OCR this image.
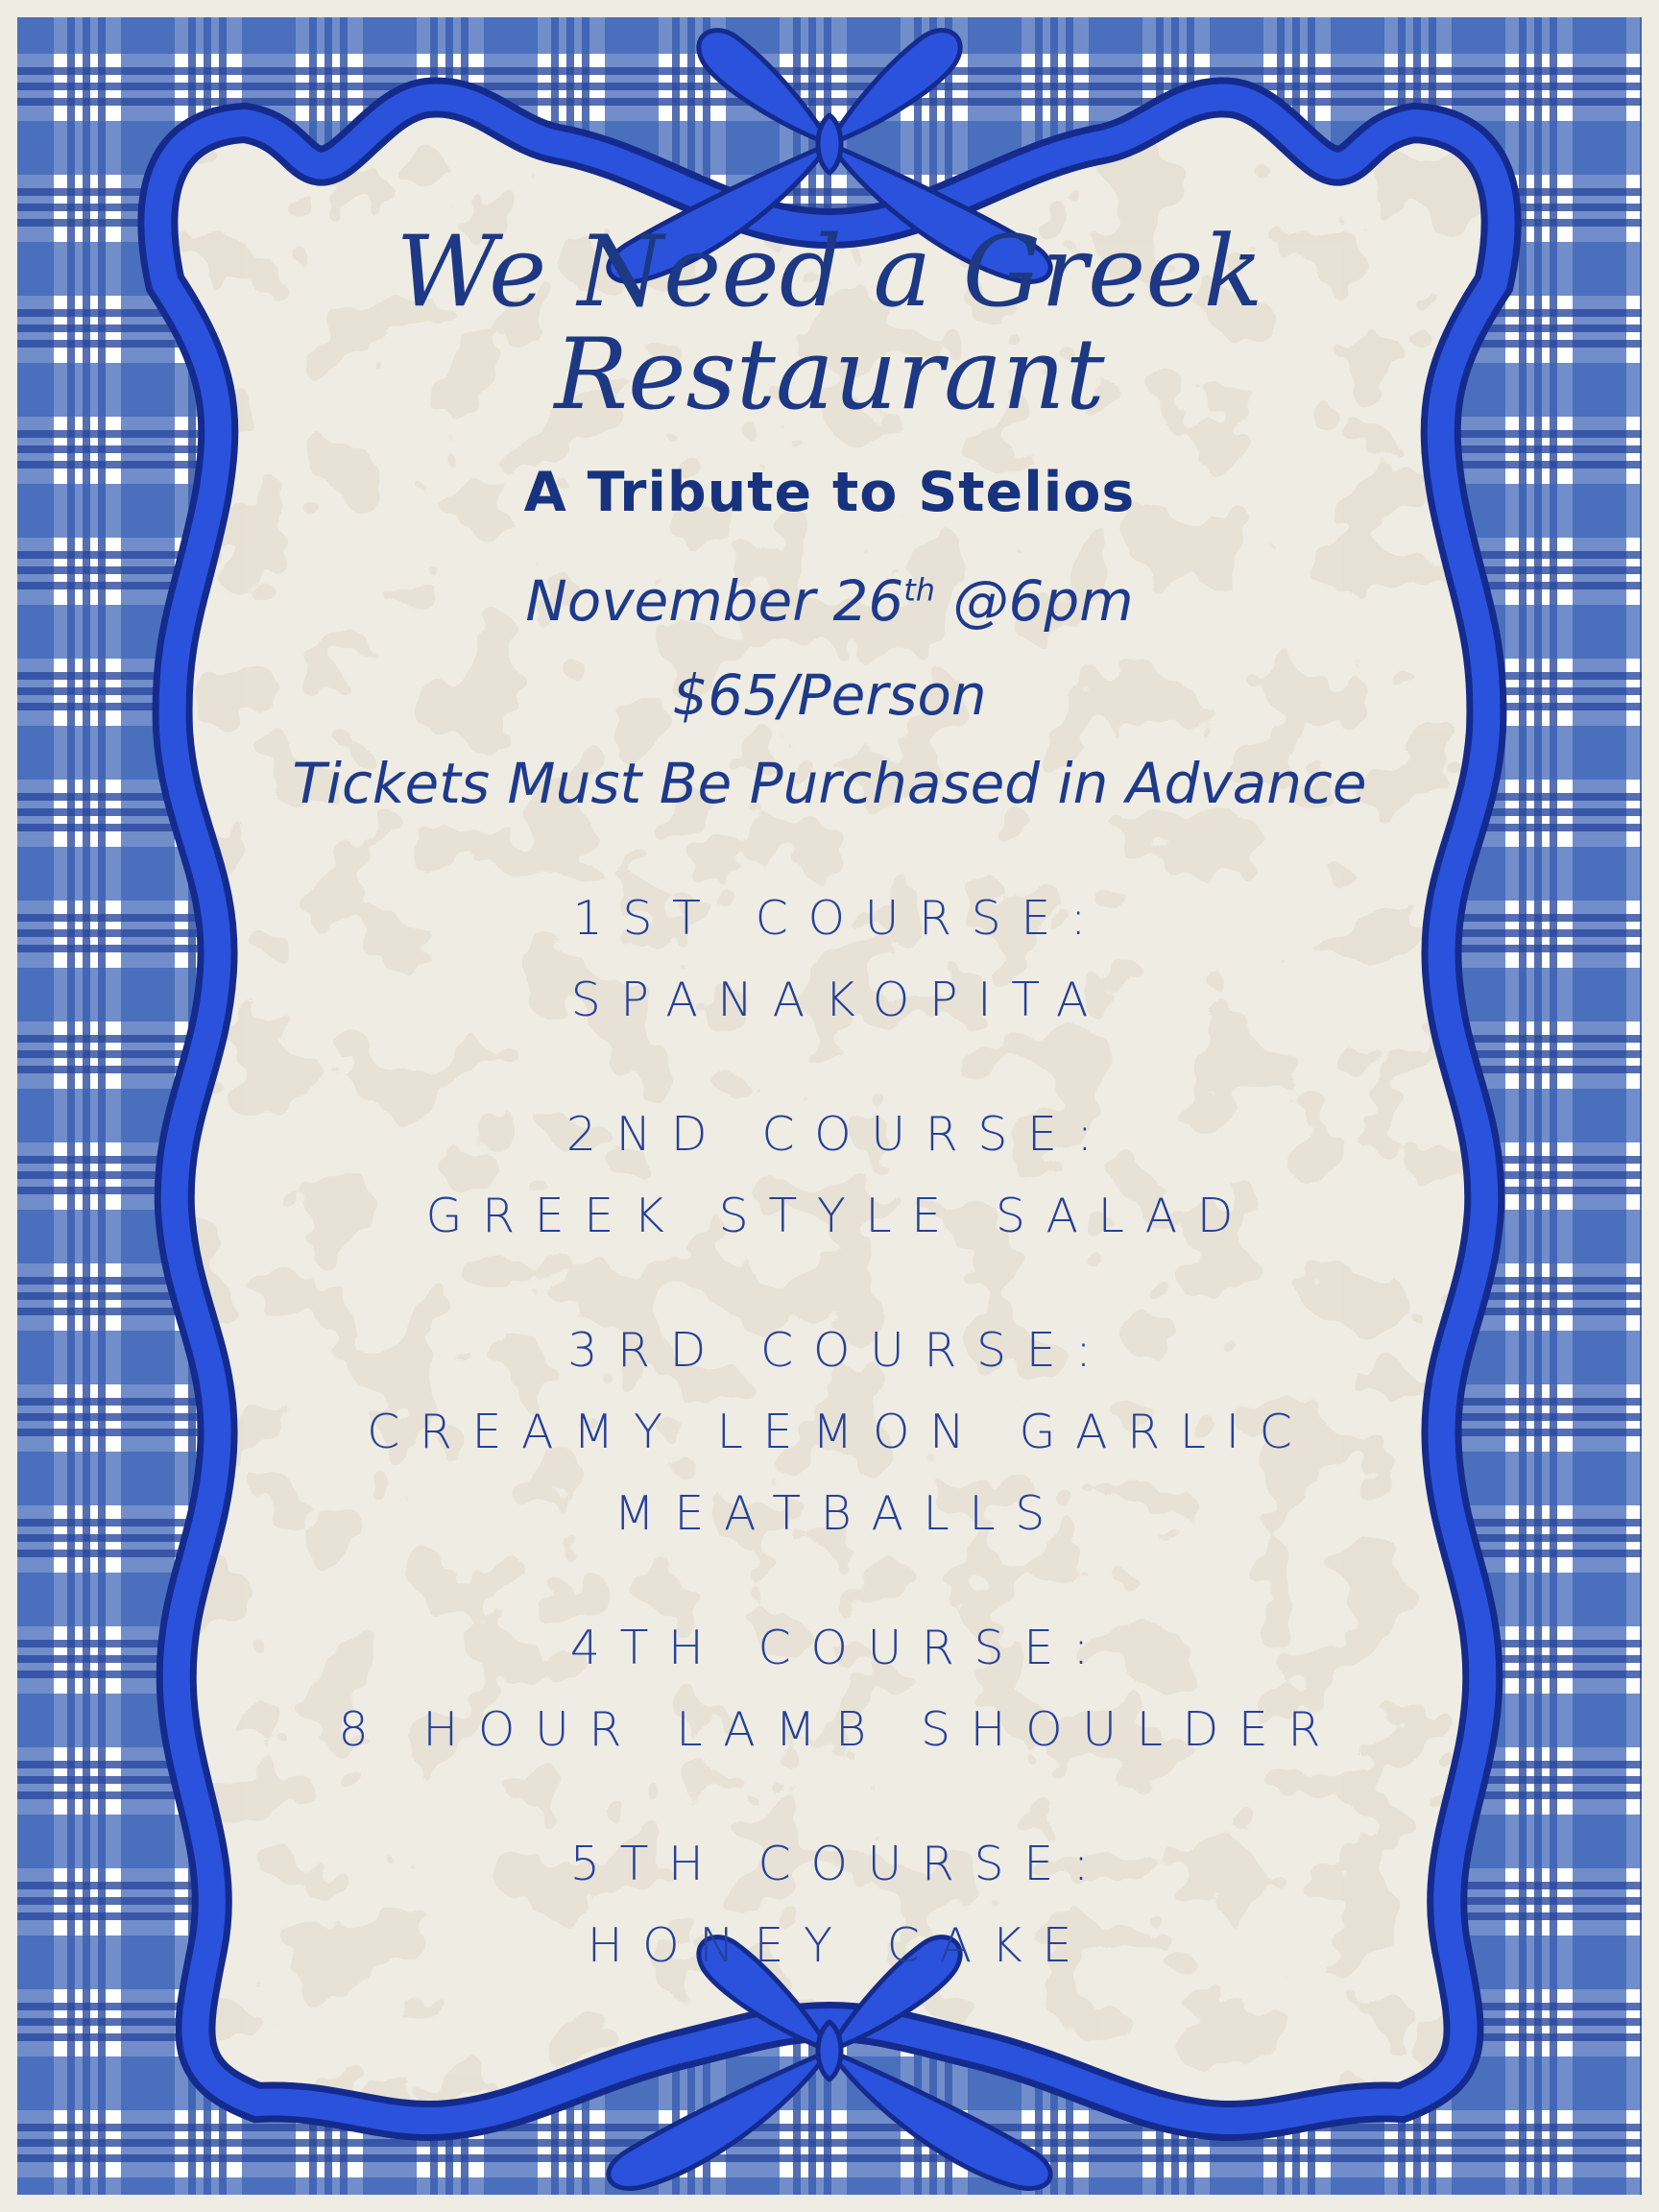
We Need a Greek
Restaurant
A Tribute to Stelios
November 26th @6pm
$65/Person
Tickets Must Be Purchased in Advance
1ST COURSE:
SPANAKOPITA
2ND COURSE:
GREEK STYLE SALAD
3RD COURSE:
CREAMY LEMON GARLIC
MEATBALLS
4TH COURSE:
8 HOUR LAMB SHOULDER
5TH COURSE:
HONEY CAKE
